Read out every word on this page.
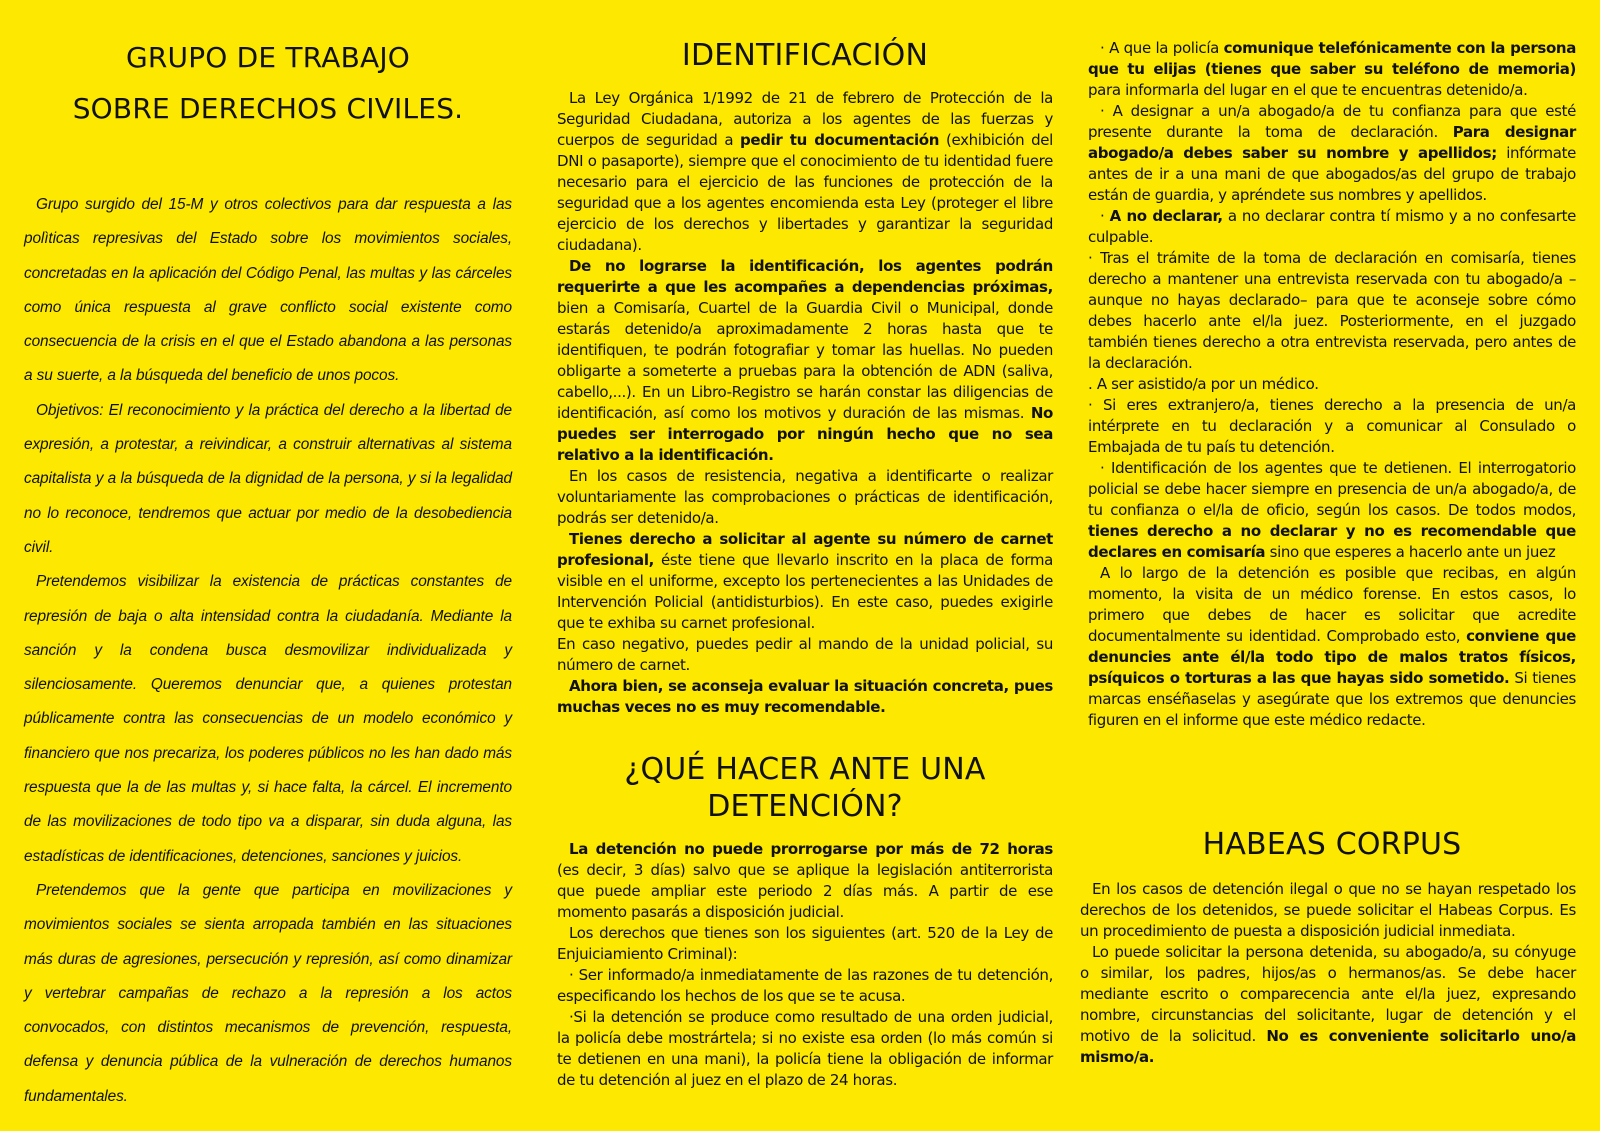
GRUPO DE TRABAJO
SOBRE DERECHOS CIVILES.

Grupo surgido del 15-M y otros colectivos para dar respuesta a las polìticas represivas del Estado sobre los movimientos sociales, concretadas en la aplicación del Código Penal, las multas y las cárceles como única respuesta al grave conflicto social existente como consecuencia de la crisis en el que el Estado abandona a las personas a su suerte, a la búsqueda del beneficio de unos pocos.

Objetivos: El reconocimiento y la práctica del derecho a la libertad de expresión, a protestar, a reivindicar, a construir alternativas al sistema capitalista y a la búsqueda de la dignidad de la persona, y si la legalidad no lo reconoce, tendremos que actuar por medio de la desobediencia civil.

Pretendemos visibilizar la existencia de prácticas constantes de represión de baja o alta intensidad contra la ciudadanía. Mediante la sanción y la condena busca desmovilizar individualizada y silenciosamente. Queremos denunciar que, a quienes protestan públicamente contra las consecuencias de un modelo económico y financiero que nos precariza, los poderes públicos no les han dado más respuesta que la de las multas y, si hace falta, la cárcel. El incremento de las movilizaciones de todo tipo va a disparar, sin duda alguna, las estadísticas de identificaciones, detenciones, sanciones y juicios.

Pretendemos que la gente que participa en movilizaciones y movimientos sociales se sienta arropada también en las situaciones más duras de agresiones, persecución y represión, así como dinamizar y vertebrar campañas de rechazo a la represión a los actos convocados, con distintos mecanismos de prevención, respuesta, defensa y denuncia pública de la vulneración de derechos humanos fundamentales.

IDENTIFICACIÓN

La Ley Orgánica 1/1992 de 21 de febrero de Protección de la Seguridad Ciudadana, autoriza a los agentes de las fuerzas y cuerpos de seguridad a pedir tu documentación (exhibición del DNI o pasaporte), siempre que el conocimiento de tu identidad fuere necesario para el ejercicio de las funciones de protección de la seguridad que a los agentes encomienda esta Ley (proteger el libre ejercicio de los derechos y libertades y garantizar la seguridad ciudadana).

De no lograrse la identificación, los agentes podrán requerirte a que les acompañes a dependencias próximas, bien a Comisaría, Cuartel de la Guardia Civil o Municipal, donde estarás detenido/a aproximadamente 2 horas hasta que te identifiquen, te podrán fotografiar y tomar las huellas. No pueden obligarte a someterte a pruebas para la obtención de ADN (saliva, cabello,...). En un Libro-Registro se harán constar las diligencias de identificación, así como los motivos y duración de las mismas. No puedes ser interrogado por ningún hecho que no sea relativo a la identificación.

En los casos de resistencia, negativa a identificarte o realizar voluntariamente las comprobaciones o prácticas de identificación, podrás ser detenido/a.

Tienes derecho a solicitar al agente su número de carnet profesional, éste tiene que llevarlo inscrito en la placa de forma visible en el uniforme, excepto los pertenecientes a las Unidades de Intervención Policial (antidisturbios). En este caso, puedes exigirle que te exhiba su carnet profesional.

En caso negativo, puedes pedir al mando de la unidad policial, su número de carnet.

Ahora bien, se aconseja evaluar la situación concreta, pues muchas veces no es muy recomendable.

¿QUÉ HACER ANTE UNA
DETENCIÓN?

La detención no puede prorrogarse por más de 72 horas (es decir, 3 días) salvo que se aplique la legislación antiterrorista que puede ampliar este periodo 2 días más. A partir de ese momento pasarás a disposición judicial.

Los derechos que tienes son los siguientes (art. 520 de la Ley de Enjuiciamiento Criminal):

· Ser informado/a inmediatamente de las razones de tu detención, especificando los hechos de los que se te acusa.

·Si la detención se produce como resultado de una orden judicial, la policía debe mostrártela; si no existe esa orden (lo más común si te detienen en una mani), la policía tiene la obligación de informar de tu detención al juez en el plazo de 24 horas.

· A que la policía comunique telefónicamente con la persona que tu elijas (tienes que saber su teléfono de memoria) para informarla del lugar en el que te encuentras detenido/a.

· A designar a un/a abogado/a de tu confianza para que esté presente durante la toma de declaración. Para designar abogado/a debes saber su nombre y apellidos; infórmate antes de ir a una mani de que abogados/as del grupo de trabajo están de guardia, y apréndete sus nombres y apellidos.

· A no declarar, a no declarar contra tí mismo y a no confesarte culpable.

· Tras el trámite de la toma de declaración en comisaría, tienes derecho a mantener una entrevista reservada con tu abogado/a – aunque no hayas declarado– para que te aconseje sobre cómo debes hacerlo ante el/la juez. Posteriormente, en el juzgado también tienes derecho a otra entrevista reservada, pero antes de la declaración.

. A ser asistido/a por un médico.

· Si eres extranjero/a, tienes derecho a la presencia de un/a intérprete en tu declaración y a comunicar al Consulado o Embajada de tu país tu detención.

· Identificación de los agentes que te detienen. El interrogatorio policial se debe hacer siempre en presencia de un/a abogado/a, de tu confianza o el/la de oficio, según los casos. De todos modos, tienes derecho a no declarar y no es recomendable que declares en comisaría sino que esperes a hacerlo ante un juez

A lo largo de la detención es posible que recibas, en algún momento, la visita de un médico forense. En estos casos, lo primero que debes de hacer es solicitar que acredite documentalmente su identidad. Comprobado esto, conviene que denuncies ante él/la todo tipo de malos tratos físicos, psíquicos o torturas a las que hayas sido sometido. Si tienes marcas enséñaselas y asegúrate que los extremos que denuncies figuren en el informe que este médico redacte.

HABEAS CORPUS

En los casos de detención ilegal o que no se hayan respetado los derechos de los detenidos, se puede solicitar el Habeas Corpus. Es un procedimiento de puesta a disposición judicial inmediata.

Lo puede solicitar la persona detenida, su abogado/a, su cónyuge o similar, los padres, hijos/as o hermanos/as. Se debe hacer mediante escrito o comparecencia ante el/la juez, expresando nombre, circunstancias del solicitante, lugar de detención y el motivo de la solicitud. No es conveniente solicitarlo uno/a mismo/a.
